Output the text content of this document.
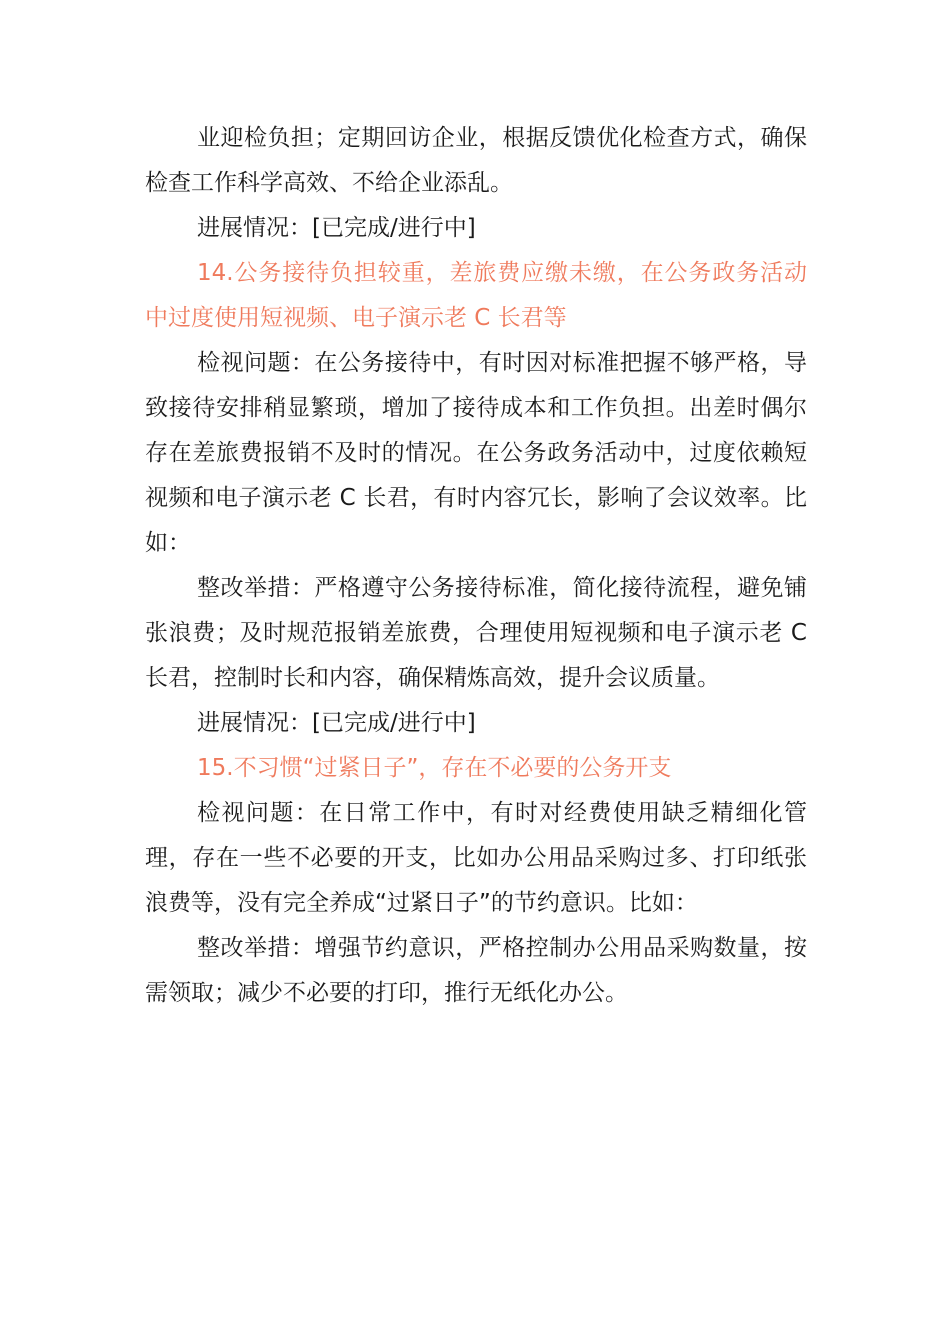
业迎检负担；定期回访企业，根据反馈优化检查方式，确保检查工作科学高效、不给企业添乱。

进展情况：[已完成/进行中]

14.公务接待负担较重，差旅费应缴未缴，在公务政务活动中过度使用短视频、电子演示老 C 长君等

检视问题：在公务接待中，有时因对标准把握不够严格，导致接待安排稍显繁琐，增加了接待成本和工作负担。出差时偶尔存在差旅费报销不及时的情况。在公务政务活动中，过度依赖短视频和电子演示老 C 长君，有时内容冗长，影响了会议效率。比如：

整改举措：严格遵守公务接待标准，简化接待流程，避免铺张浪费；及时规范报销差旅费，合理使用短视频和电子演示老 C 长君，控制时长和内容，确保精炼高效，提升会议质量。

进展情况：[已完成/进行中]

15.不习惯“过紧日子”，存在不必要的公务开支

检视问题：在日常工作中，有时对经费使用缺乏精细化管理，存在一些不必要的开支，比如办公用品采购过多、打印纸张浪费等，没有完全养成“过紧日子”的节约意识。比如：

整改举措：增强节约意识，严格控制办公用品采购数量，按需领取；减少不必要的打印，推行无纸化办公。
